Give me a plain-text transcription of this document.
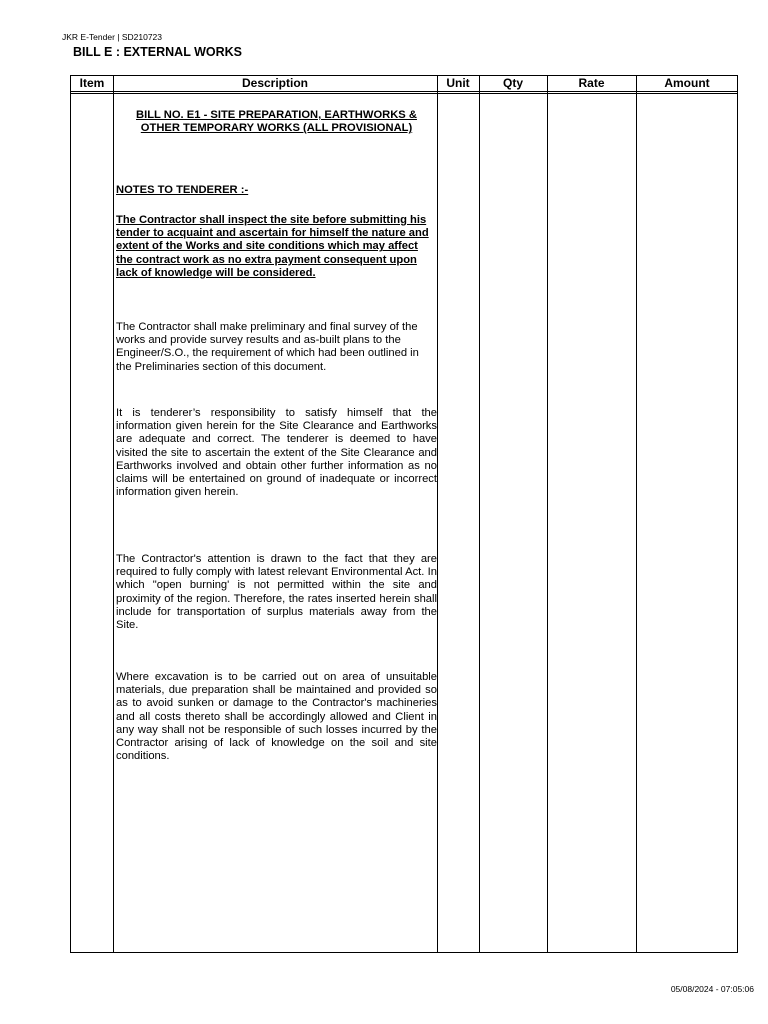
JKR E-Tender | SD210723
BILL E : EXTERNAL WORKS
Item	Description	Unit	Qty	Rate	Amount
BILL NO. E1 - SITE PREPARATION, EARTHWORKS &
OTHER TEMPORARY WORKS (ALL PROVISIONAL)
NOTES TO TENDERER :-
The Contractor shall inspect the site before submitting his tender to acquaint and ascertain for himself the nature and extent of the Works and site conditions which may affect the contract work as no extra payment consequent upon lack of knowledge will be considered.
The Contractor shall make preliminary and final survey of the works and provide survey results and as-built plans to the Engineer/S.O., the requirement of which had been outlined in the Preliminaries section of this document.
It is tenderer’s responsibility to satisfy himself that the information given herein for the Site Clearance and Earthworks are adequate and correct. The tenderer is deemed to have visited the site to ascertain the extent of the Site Clearance and Earthworks involved and obtain other further information as no claims will be entertained on ground of inadequate or incorrect information given herein.
The Contractor's attention is drawn to the fact that they are required to fully comply with latest relevant Environmental Act. In which "open burning' is not permitted within the site and proximity of the region. Therefore, the rates inserted herein shall include for transportation of surplus materials away from the Site.
Where excavation is to be carried out on area of unsuitable materials, due preparation shall be maintained and provided so as to avoid sunken or damage to the Contractor's machineries and all costs thereto shall be accordingly allowed and Client in any way shall not be responsible of such losses incurred by the Contractor arising of lack of knowledge on the soil and site conditions.
05/08/2024 - 07:05:06
